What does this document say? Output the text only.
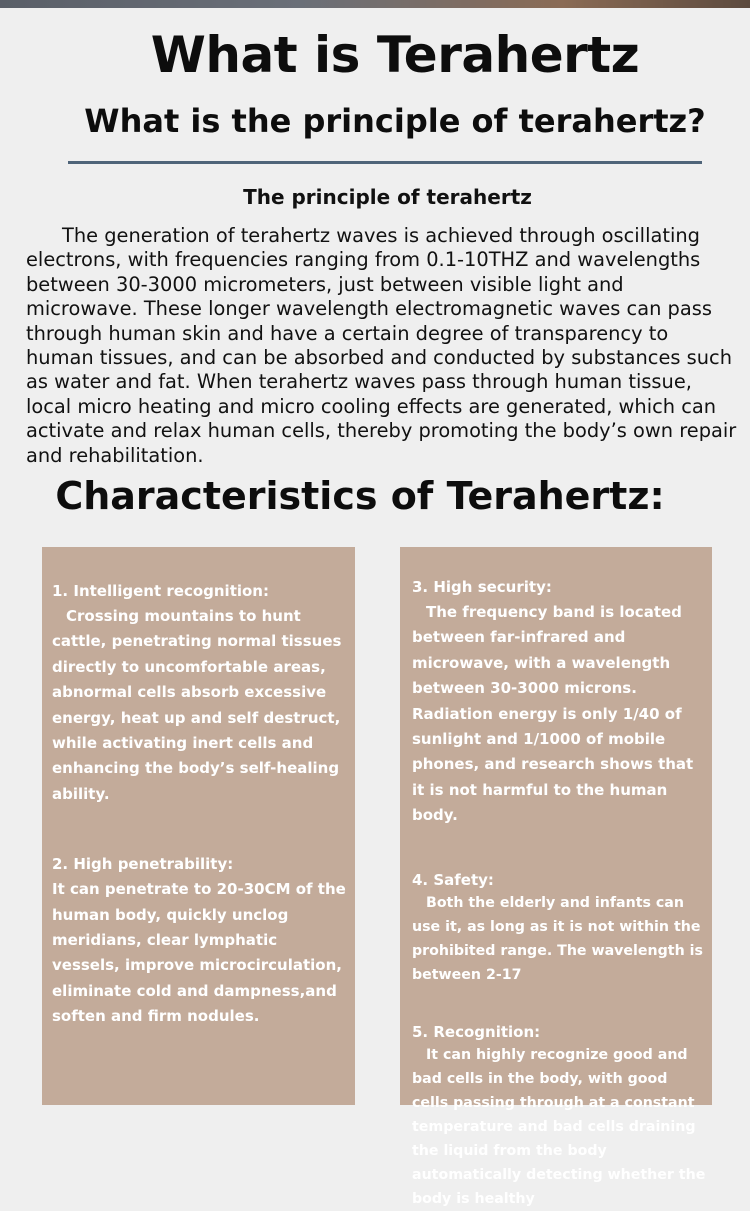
What is Terahertz
What is the principle of terahertz?
The principle of terahertz

The generation of terahertz waves is achieved through oscillating electrons, with frequencies ranging from 0.1-10THZ and wavelengths between 30-3000 micrometers, just between visible light and microwave. These longer wavelength electromagnetic waves can pass through human skin and have a certain degree of transparency to human tissues, and can be absorbed and conducted by substances such as water and fat. When terahertz waves pass through human tissue, local micro heating and micro cooling effects are generated, which can activate and relax human cells, thereby promoting the body’s own repair and rehabilitation.

Characteristics of Terahertz:

1. Intelligent recognition:

Crossing mountains to hunt cattle, penetrating normal tissues directly to uncomfortable areas, abnormal cells absorb excessive energy, heat up and self destruct, while activating inert cells and enhancing the body’s self-healing ability.

2. High penetrability:

It can penetrate to 20-30CM of the human body, quickly unclog meridians, clear lymphatic vessels, improve microcirculation, eliminate cold and dampness,and soften and firm nodules.

3. High security:

The frequency band is located between far-infrared and microwave, with a wavelength between 30-3000 microns. Radiation energy is only 1/40 of sunlight and 1/1000 of mobile phones, and research shows that it is not harmful to the human body.

4. Safety:

Both the elderly and infants can use it, as long as it is not within the prohibited range. The wavelength is between 2-17

5. Recognition:

It can highly recognize good and bad cells in the body, with good cells passing through at a constant temperature and bad cells draining the liquid from the body automatically detecting whether the body is healthy
